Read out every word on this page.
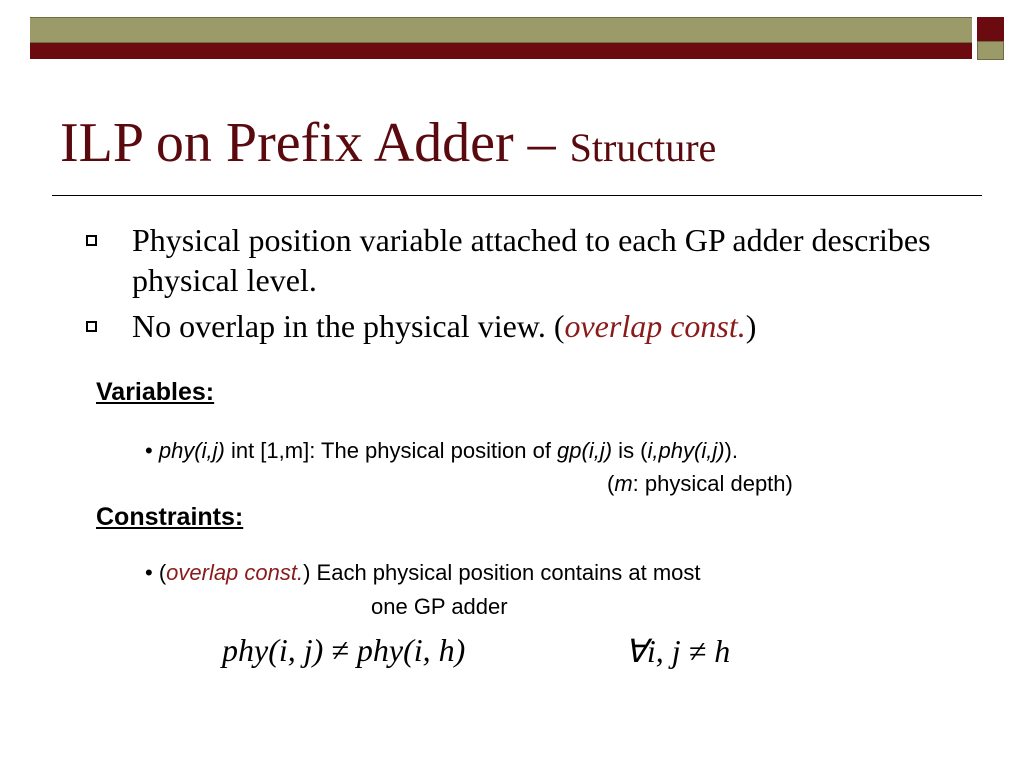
ILP on Prefix Adder – Structure
Physical position variable attached to each GP adder describes physical level.
No overlap in the physical view. (overlap const.)
Variables:
• phy(i,j) int [1,m]: The physical position of gp(i,j) is (i,phy(i,j)).
(m: physical depth)
Constraints:
• (overlap const.) Each physical position contains at most
one GP adder
phy(i, j) ≠ phy(i, h)	∀i, j ≠ h
